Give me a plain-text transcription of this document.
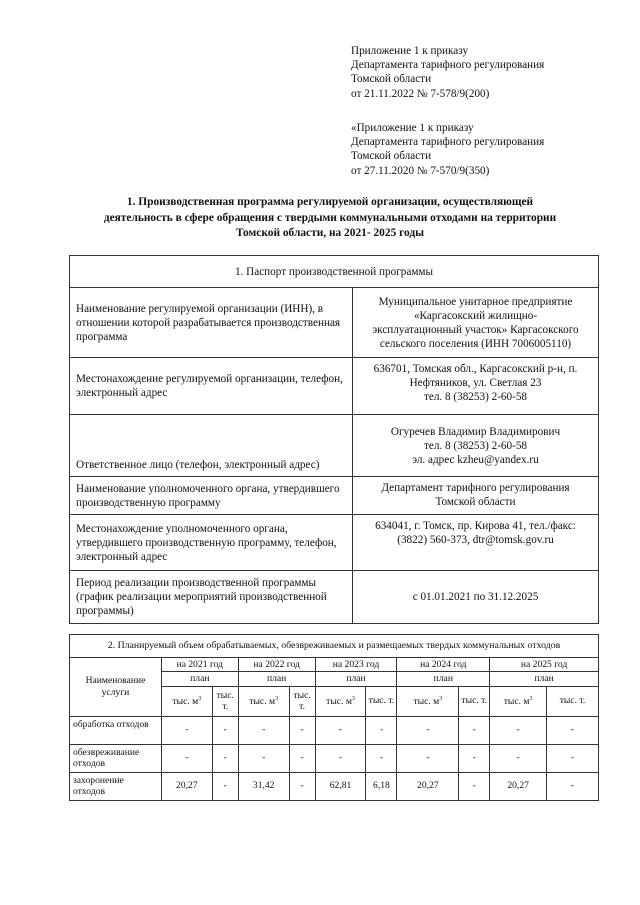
Приложение 1 к приказу
Департамента тарифного регулирования
Томской области
от 21.11.2022 № 7-578/9(200)
«Приложение 1 к приказу
Департамента тарифного регулирования
Томской области
от 27.11.2020 № 7-570/9(350)
1. Производственная программа регулируемой организации, осуществляющей
деятельность в сфере обращения с твердыми коммунальными отходами на территории
Томской области, на 2021- 2025 годы
1. Паспорт производственной программы	
Наименование регулируемой организации (ИНН), в отношении которой разрабатывается производственная программа	Муниципальное унитарное предприятие
«Каргасокский жилищно-
эксплуатационный участок» Каргасокского
сельского поселения (ИНН 7006005110)

Местонахождение регулируемой организации, телефон, электронный адрес	636701, Томская обл., Каргасокский р-н, п.
Нефтяников, ул. Светлая 23
тел. 8 (38253) 2-60-58

Ответственное лицо (телефон, электронный адрес)	Огуречев Владимир Владимирович
тел. 8 (38253) 2-60-58
эл. адрес kzheu@yandex.ru

Наименование уполномоченного органа, утвердившего производственную программу	Департамент тарифного регулирования
Томской области

Местонахождение уполномоченного органа, утвердившего производственную программу, телефон, электронный адрес	634041, г. Томск, пр. Кирова 41, тел./факс:
(3822) 560-373, dtr@tomsk.gov.ru

Период реализации производственной программы (график реализации мероприятий производственной программы)	с 01.01.2021 по 31.12.2025
2. Планируемый объем обрабатываемых, обезвреживаемых и размещаемых твердых коммунальных отходов										
Наименование услуги	на 2021 год		на 2022 год		на 2023 год		на 2024 год		на 2025 год	
	план		план		план		план		план	
	тыс. $м^3$	тыс. т.	тыс. $м^3$	тыс. т.	тыс. $м^3$	тыс. т.	тыс. $м^3$	тыс. т.	тыс. $м^3$	тыс. т.
обработка отходов	-	-	-	-	-	-	-	-	-	-
обезвреживание отходов	-	-	-	-	-	-	-	-	-	-
захоронение отходов	20,27	-	31,42	-	62,81	6,18	20,27	-	20,27	-
